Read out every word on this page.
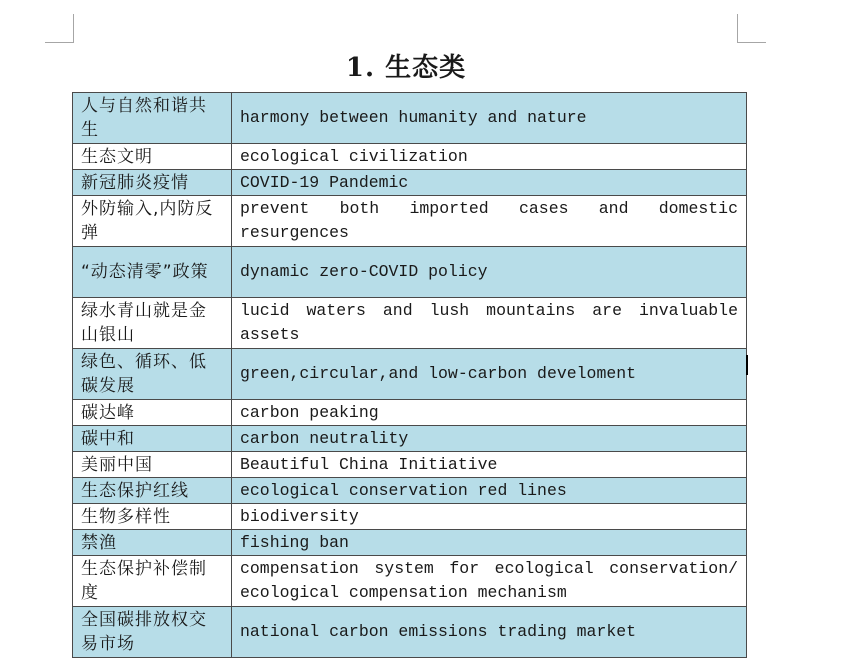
1. 生态类
人与自然和谐共生	harmony between humanity and nature
生态文明	ecological civilization
新冠肺炎疫情	COVID-19 Pandemic
外防输入,内防反弹	prevent both imported cases and domestic resurgences
“动态清零”政策	dynamic zero-COVID policy
绿水青山就是金山银山	lucid waters and lush mountains are invaluable assets
绿色、循环、低碳发展	green,circular,and low-carbon develoment
碳达峰	carbon peaking
碳中和	carbon neutrality
美丽中国	Beautiful China Initiative
生态保护红线	ecological conservation red lines
生物多样性	biodiversity
禁渔	fishing ban
生态保护补偿制度	compensation system for ecological conservation/ ecological compensation mechanism
全国碳排放权交易市场	national carbon emissions trading market
